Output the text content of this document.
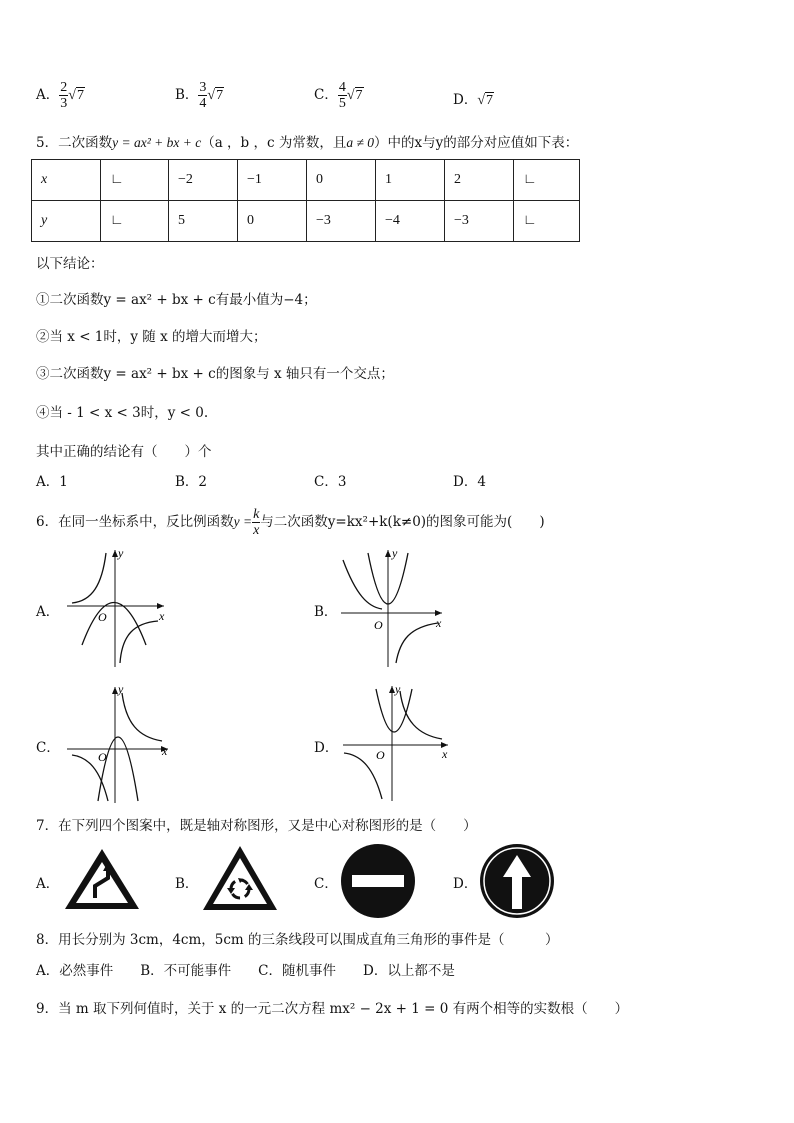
A． $\frac{2}{3} √7$	B． $\frac{3}{4} √7$	C． $\frac{4}{5} √7$	D．√7
5．二次函数y = ax² + bx + c（a ，b ，c 为常数，且a ≠ 0）中的x与y的部分对应值如下表：
x	∟	−2	−1	0	1	2	∟
y	∟	5	0	−3	−4	−3	∟
以下结论：
①二次函数y = ax² + bx + c有最小值为−4；
②当 x < 1时，y 随 x 的增大而增大；
③二次函数y = ax² + bx + c的图象与 x 轴只有一个交点；
④当 - 1 < x < 3时，y < 0.
其中正确的结论有（　　）个
A．1	B．2	C．3	D．4
6．在同一坐标系中，反比例函数$y = \frac{k}{x}$ 与二次函数y=kx²+k(k≠0)的图象可能为(　　)
A．	B．
C．	D．
y
x
O
y
x
O
y
x
O
y
x
O
7．在下列四个图案中，既是轴对称图形，又是中心对称图形的是（　　）
A．	B．	C．	D．
8．用长分别为 3cm，4cm，5cm 的三条线段可以围成直角三角形的事件是（　　　）
A．必然事件　　B．不可能事件　　C．随机事件　　D．以上都不是
9．当 m 取下列何值时，关于 x 的一元二次方程 mx² − 2x + 1 = 0 有两个相等的实数根（　　）
